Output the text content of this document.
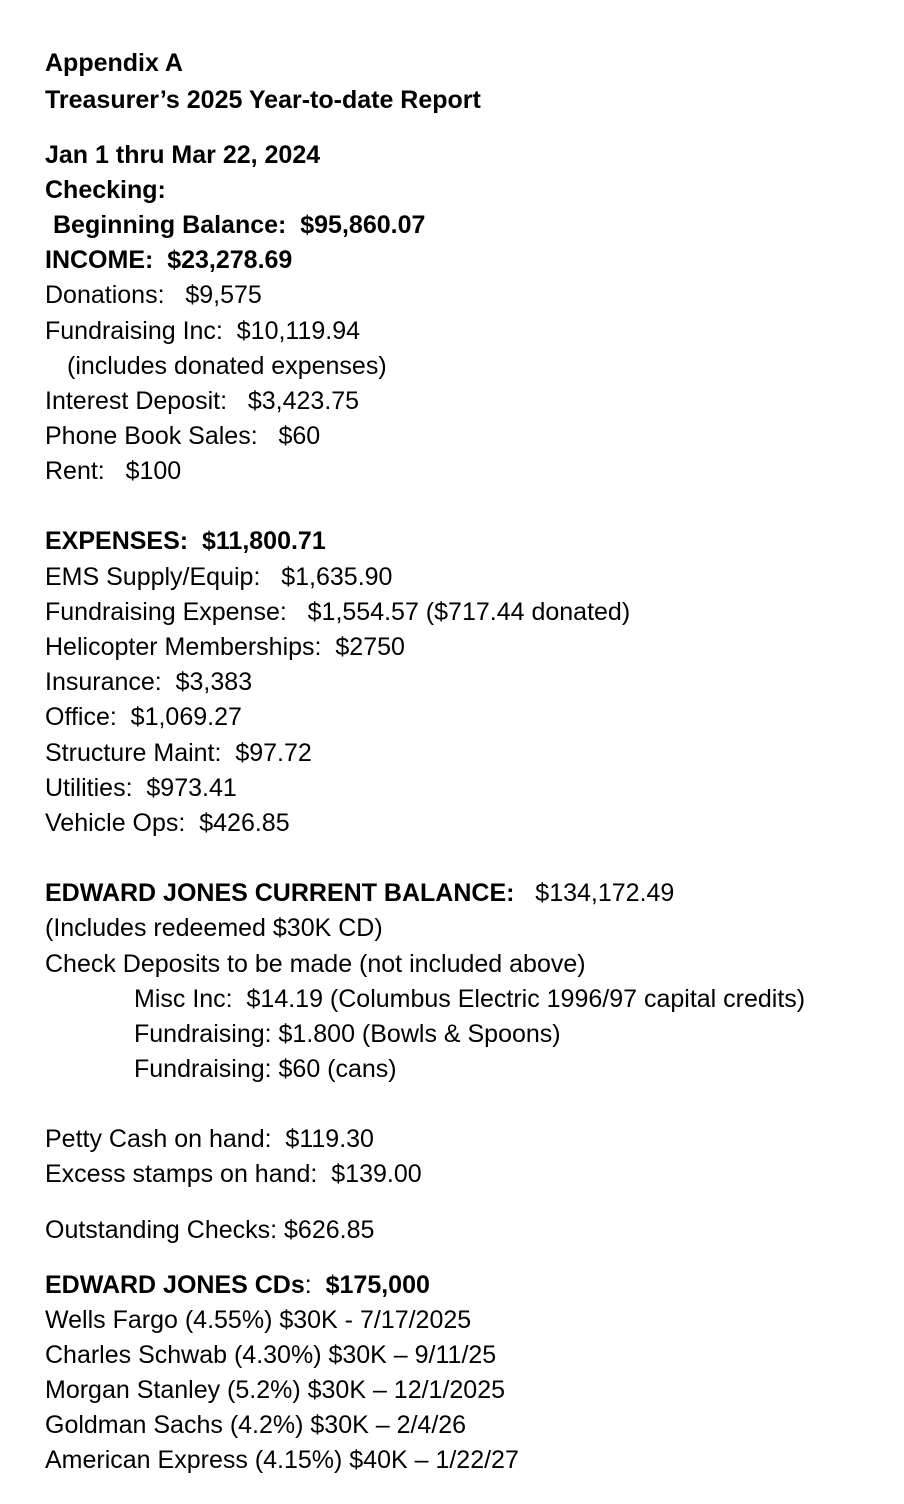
Appendix A
Treasurer’s 2025 Year-to-date Report
Jan 1 thru Mar 22, 2024
Checking:
Beginning Balance:  $95,860.07
INCOME:  $23,278.69
Donations:   $9,575
Fundraising Inc:  $10,119.94
(includes donated expenses)
Interest Deposit:   $3,423.75
Phone Book Sales:   $60
Rent:   $100
EXPENSES:  $11,800.71
EMS Supply/Equip:   $1,635.90
Fundraising Expense:   $1,554.57 ($717.44 donated)
Helicopter Memberships:  $2750
Insurance:  $3,383
Office:  $1,069.27
Structure Maint:  $97.72
Utilities:  $973.41
Vehicle Ops:  $426.85
EDWARD JONES CURRENT BALANCE:   $134,172.49
(Includes redeemed $30K CD)
Check Deposits to be made (not included above)
Misc Inc:  $14.19 (Columbus Electric 1996/97 capital credits)
Fundraising: $1.800 (Bowls & Spoons)
Fundraising: $60 (cans)
Petty Cash on hand:  $119.30
Excess stamps on hand:  $139.00
Outstanding Checks: $626.85
EDWARD JONES CDs:  $175,000
Wells Fargo (4.55%) $30K - 7/17/2025
Charles Schwab (4.30%) $30K – 9/11/25
Morgan Stanley (5.2%) $30K – 12/1/2025
Goldman Sachs (4.2%) $30K – 2/4/26
American Express (4.15%) $40K – 1/22/27
